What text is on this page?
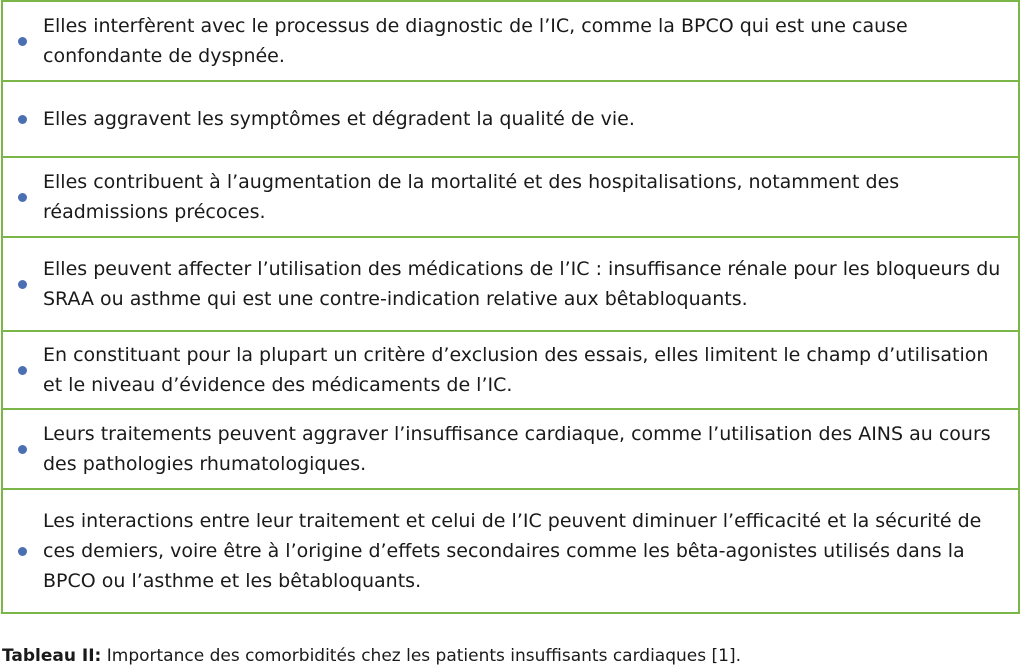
Elles interfèrent avec le processus de diagnostic de l’IC, comme la BPCO qui est une cause confondante de dyspnée.
Elles aggravent les symptômes et dégradent la qualité de vie.
Elles contribuent à l’augmentation de la mortalité et des hospitalisations, notamment des réadmissions précoces.
Elles peuvent affecter l’utilisation des médications de l’IC : insuffisance rénale pour les bloqueurs du SRAA ou asthme qui est une contre-indication relative aux bêtabloquants.
En constituant pour la plupart un critère d’exclusion des essais, elles limitent le champ d’utilisation et le niveau d’évidence des médicaments de l’IC.
Leurs traitements peuvent aggraver l’insuffisance cardiaque, comme l’utilisation des AINS au cours des pathologies rhumatologiques.
Les interactions entre leur traitement et celui de l’IC peuvent diminuer l’efficacité et la sécurité de ces demiers, voire être à l’origine d’effets secondaires comme les bêta-agonistes utilisés dans la BPCO ou l’asthme et les bêtabloquants.
Tableau II: Importance des comorbidités chez les patients insuffisants cardiaques [1].
